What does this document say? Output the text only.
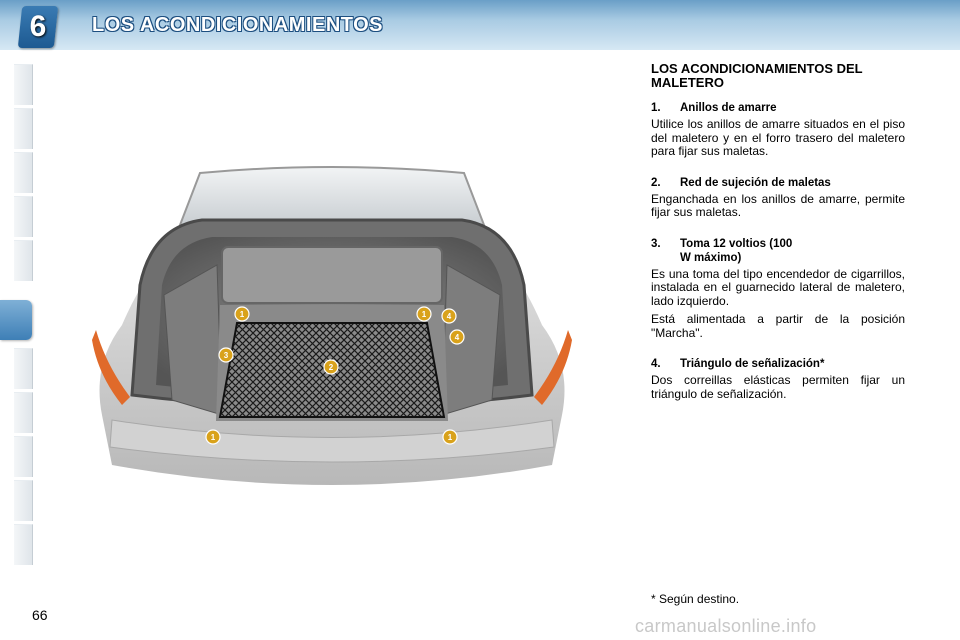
6	LOS ACONDICIONAMIENTOS
1	1	4
4
3
2
1	1
LOS ACONDICIONAMIENTOS DEL MALETERO
1.	Anillos de amarre
Utilice los anillos de amarre situados en el piso del maletero y en el forro trasero del maletero para fijar sus maletas.
2.	Red de sujeción de maletas
Enganchada en los anillos de amarre, permite fijar sus maletas.
3.	Toma 12 voltios (100 W máximo)
Es una toma del tipo encendedor de cigarrillos, instalada en el guarnecido lateral de maletero, lado izquierdo.
Está alimentada a partir de la posición "Marcha".
4.	Triángulo de señalización*
Dos correillas elásticas permiten fijar un triángulo de señalización.
* Según destino.
66
carmanualsonline.info
